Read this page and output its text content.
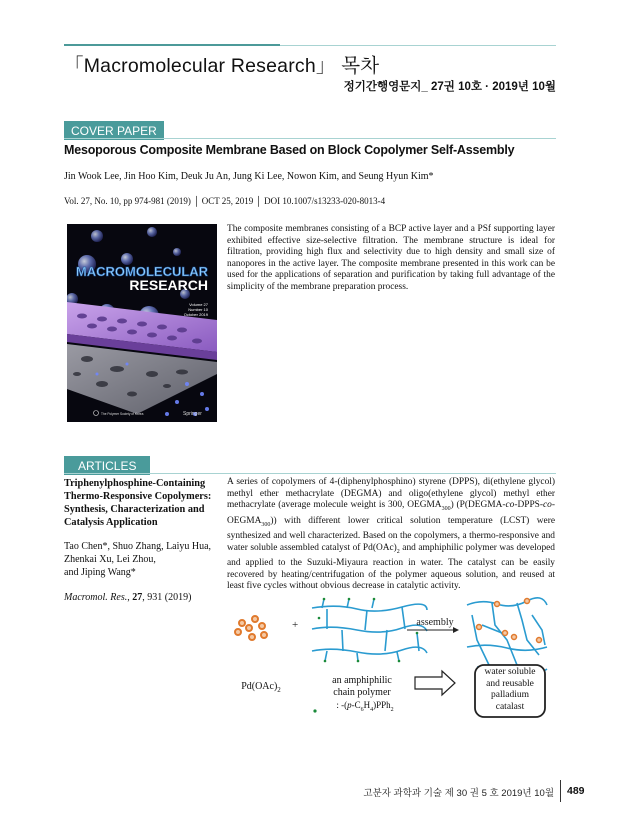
「Macromolecular Research」 목차
정기간행영문지_ 27권 10호 · 2019년 10월
COVER PAPER
Mesoporous Composite Membrane Based on Block Copolymer Self-Assembly
Jin Wook Lee, Jin Hoo Kim, Deuk Ju An, Jung Ki Lee, Nowon Kim, and Seung Hyun Kim*
Vol. 27, No. 10, pp 974-981 (2019) │ OCT 25, 2019 │ DOI 10.1007/s13233-020-8013-4
MACROMOLECULAR
RESEARCH
Volume 27
Number 10
October 2019
The Polymer Society of Korea	Springer
The composite membranes consisting of a BCP active layer and a PSf supporting layer exhibited effective size-selective filtration. The membrane structure is ideal for filtration, providing high flux and selectivity due to high density and small size of nanopores in the active layer. The composite membrane presented in this work can be used for the applications of separation and purification by taking full advantage of the simplicity of the membrane preparation process.
ARTICLES
Triphenylphosphine-Containing Thermo-Responsive Copolymers: Synthesis, Characterization and Catalysis Application
Tao Chen*, Shuo Zhang, Laiyu Hua,
Zhenkai Xu, Lei Zhou,
and Jiping Wang*
Macromol. Res., 27, 931 (2019)
A series of copolymers of 4-(diphenylphosphino) styrene (DPPS), di(ethylene glycol) methyl ether methacrylate (DEGMA) and oligo(ethylene glycol) methyl ether methacrylate (average molecule weight is 300, $OEGMA_{300}$) $(P(DEGMA-co-DPPS-co-OEGMA_{300}))$ with different lower critical solution temperature (LCST) were synthesized and well characterized. Based on the copolymers, a thermo-responsive and water soluble assembled catalyst of $Pd(OAc)_2$ and amphiphilic polymer was developed and applied to the Suzuki-Miyaura reaction in water. The catalyst can be easily recovered by heating/centrifugation of the polymer aqueous solution, and reused at least five cycles without obvious decrease in catalytic activity.
+	assembly
$Pd(OAc)_2$
an amphiphilic
chain polymer
: $-(p-C_6H_4)PPh_2$
water soluble
and reusable
palladium
catalast
고분자 과학과 기술 제 30 권 5 호 2019년 10월 489
